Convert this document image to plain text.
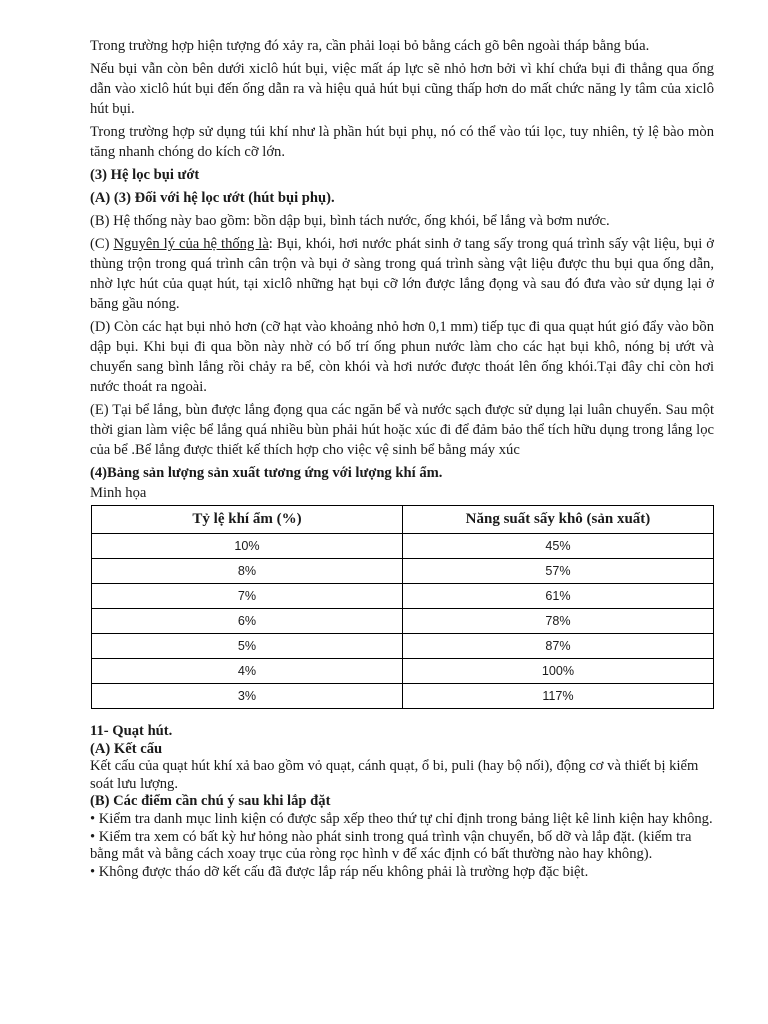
Trong trường hợp hiện tượng đó xảy ra, cần phải loại bỏ bằng cách gõ bên ngoài tháp bằng búa.

Nếu bụi vẫn còn bên dưới xiclô hút bụi, việc mất áp lực sẽ nhỏ hơn bởi vì khí chứa bụi đi thẳng qua ống dẫn vào xiclô hút bụi đến ống dẫn ra và hiệu quả hút bụi cũng thấp hơn do mất chức năng ly tâm của xiclô hút bụi.

Trong trường hợp sử dụng túi khí như là phần hút bụi phụ, nó có thể vào túi lọc, tuy nhiên, tỷ lệ bào mòn tăng nhanh chóng do kích cỡ lớn.

(3) Hệ lọc bụi ướt

(A) (3) Đối với hệ lọc ướt (hút bụi phụ).

(B) Hệ thống này bao gồm: bồn dập bụi, bình tách nước, ống khói, bể lắng và bơm nước.

(C) Nguyên lý của hệ thống là: Bụi, khói, hơi nước phát sinh ở tang sấy trong quá trình sấy vật liệu, bụi ở thùng trộn trong quá trình cân trộn và bụi ở sàng trong quá trình sàng vật liệu được thu bụi qua ống dẫn, nhờ lực hút của quạt hút, tại xiclô những hạt bụi cỡ lớn được lắng đọng và sau đó đưa vào sử dụng lại ở băng gầu nóng.

(D) Còn các hạt bụi nhỏ hơn (cỡ hạt vào khoảng nhỏ hơn 0,1 mm) tiếp tục đi qua quạt hút gió đẩy vào bồn dập bụi. Khi bụi đi qua bồn này nhờ có bố trí ống phun nước làm cho các hạt bụi khô, nóng bị ướt và chuyển sang bình lắng rồi chảy ra bể, còn khói và hơi nước được thoát lên ống khói.Tại đây chỉ còn hơi nước thoát ra ngoài.

(E) Tại bể lắng, bùn được lắng đọng qua các ngăn bể và nước sạch được sử dụng lại luân chuyển. Sau một thời gian làm việc bể lắng quá nhiều bùn phải hút hoặc xúc đi để đảm bảo thể tích hữu dụng trong lắng lọc của bể .Bể lắng được thiết kế thích hợp cho việc vệ sinh bể bằng máy xúc

(4)Bảng sản lượng sản xuất tương ứng với lượng khí ẩm.

Minh họa

Tỷ lệ khí ẩm (%)	Năng suất sấy khô (sản xuất)
10%	45%
8%	57%
7%	61%
6%	78%
5%	87%
4%	100%
3%	117%

11- Quạt hút.

(A) Kết cấu

Kết cấu của quạt hút khí xả bao gồm vỏ quạt, cánh quạt, ổ bi, puli (hay bộ nối), động cơ và thiết bị kiểm soát lưu lượng.

(B) Các điểm cần chú ý sau khi lắp đặt

• Kiểm tra danh mục linh kiện có được sắp xếp theo thứ tự chỉ định trong bảng liệt kê linh kiện hay không.

• Kiểm tra xem có bất kỳ hư hỏng nào phát sinh trong quá trình vận chuyển, bố dỡ và lắp đặt. (kiểm tra bằng mắt và bằng cách xoay trục của ròng rọc hình v để xác định có bất thường nào hay không).

• Không được tháo dỡ kết cấu đã được lắp ráp nếu không phải là trường hợp đặc biệt.
